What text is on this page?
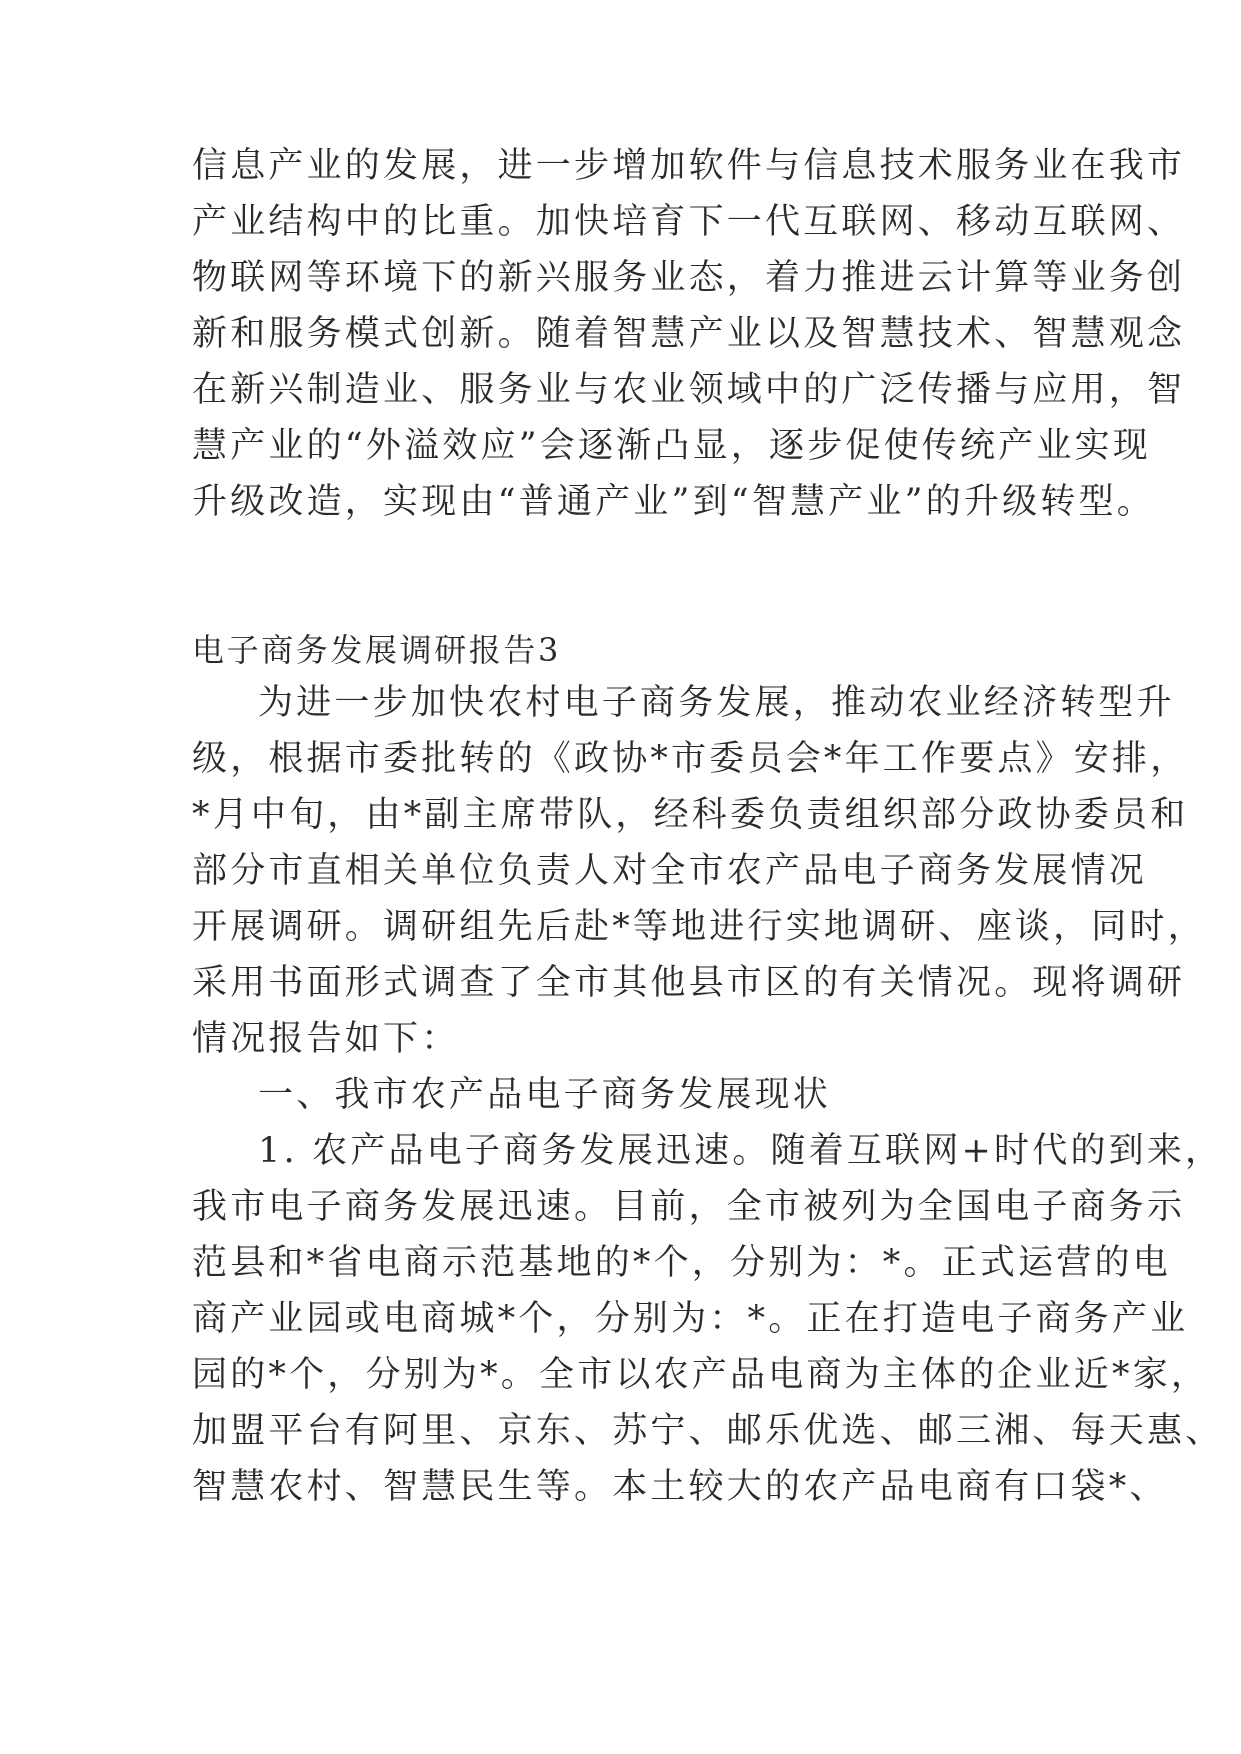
信息产业的发展，进一步增加软件与信息技术服务业在我市
产业结构中的比重。加快培育下一代互联网、移动互联网、
物联网等环境下的新兴服务业态，着力推进云计算等业务创
新和服务模式创新。随着智慧产业以及智慧技术、智慧观念
在新兴制造业、服务业与农业领域中的广泛传播与应用，智
慧产业的“外溢效应”会逐渐凸显，逐步促使传统产业实现
升级改造，实现由“普通产业”到“智慧产业”的升级转型。
电子商务发展调研报告3
为进一步加快农村电子商务发展，推动农业经济转型升
级，根据市委批转的《政协*市委员会*年工作要点》安排，
*月中旬，由*副主席带队，经科委负责组织部分政协委员和
部分市直相关单位负责人对全市农产品电子商务发展情况
开展调研。调研组先后赴*等地进行实地调研、座谈，同时，
采用书面形式调查了全市其他县市区的有关情况。现将调研
情况报告如下：
一、我市农产品电子商务发展现状
1. 农产品电子商务发展迅速。随着互联网+时代的到来，
我市电子商务发展迅速。目前，全市被列为全国电子商务示
范县和*省电商示范基地的*个，分别为：*。正式运营的电
商产业园或电商城*个，分别为：*。正在打造电子商务产业
园的*个，分别为*。全市以农产品电商为主体的企业近*家，
加盟平台有阿里、京东、苏宁、邮乐优选、邮三湘、每天惠、
智慧农村、智慧民生等。本土较大的农产品电商有口袋*、
